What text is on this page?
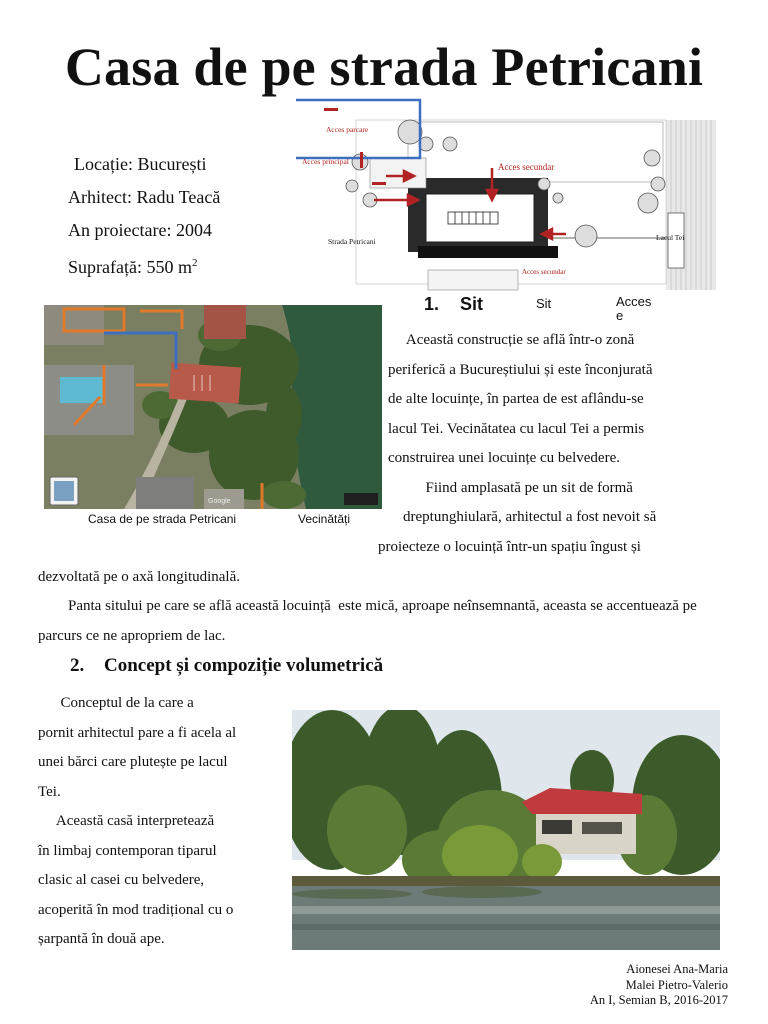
Casa de pe strada Petricani
Locație: București
Arhitect: Radu Teacă
An proiectare: 2004
Suprafață: 550 $m^2$
Acces parcare
Acces principal
Acces secundar
Acces secundar
Strada Petricani	Lacul Tei
Sit	Acces e
Google
Casa de pe strada Petricani	Vecinătăți
1. Sit
Această construcție se află într-o zonă
periferică a Bucureștiului și este înconjurată
de alte locuințe, în partea de est aflându-se
lacul Tei. Vecinătatea cu lacul Tei a permis
construirea unei locuințe cu belvedere.
Fiind amplasată pe un sit de formă
dreptunghiulară, arhitectul a fost nevoit să
proiecteze o locuință într-un spațiu îngust și
dezvoltată pe o axă longitudinală.
Panta sitului pe care se află această locuință  este mică, aproape neînsemnantă, aceasta se accentuează pe parcurs ce ne apropriem de lac.
2. Concept și compoziție volumetrică
Conceptul de la care a
pornit arhitectul pare a fi acela al
unei bărci care plutește pe lacul
Tei.
Această casă interpretează
în limbaj contemporan tiparul
clasic al casei cu belvedere,
acoperită în mod tradițional cu o
șarpantă în două ape.
Aionesei Ana-Maria
Malei Pietro-Valerio
An I, Semian B, 2016-2017
